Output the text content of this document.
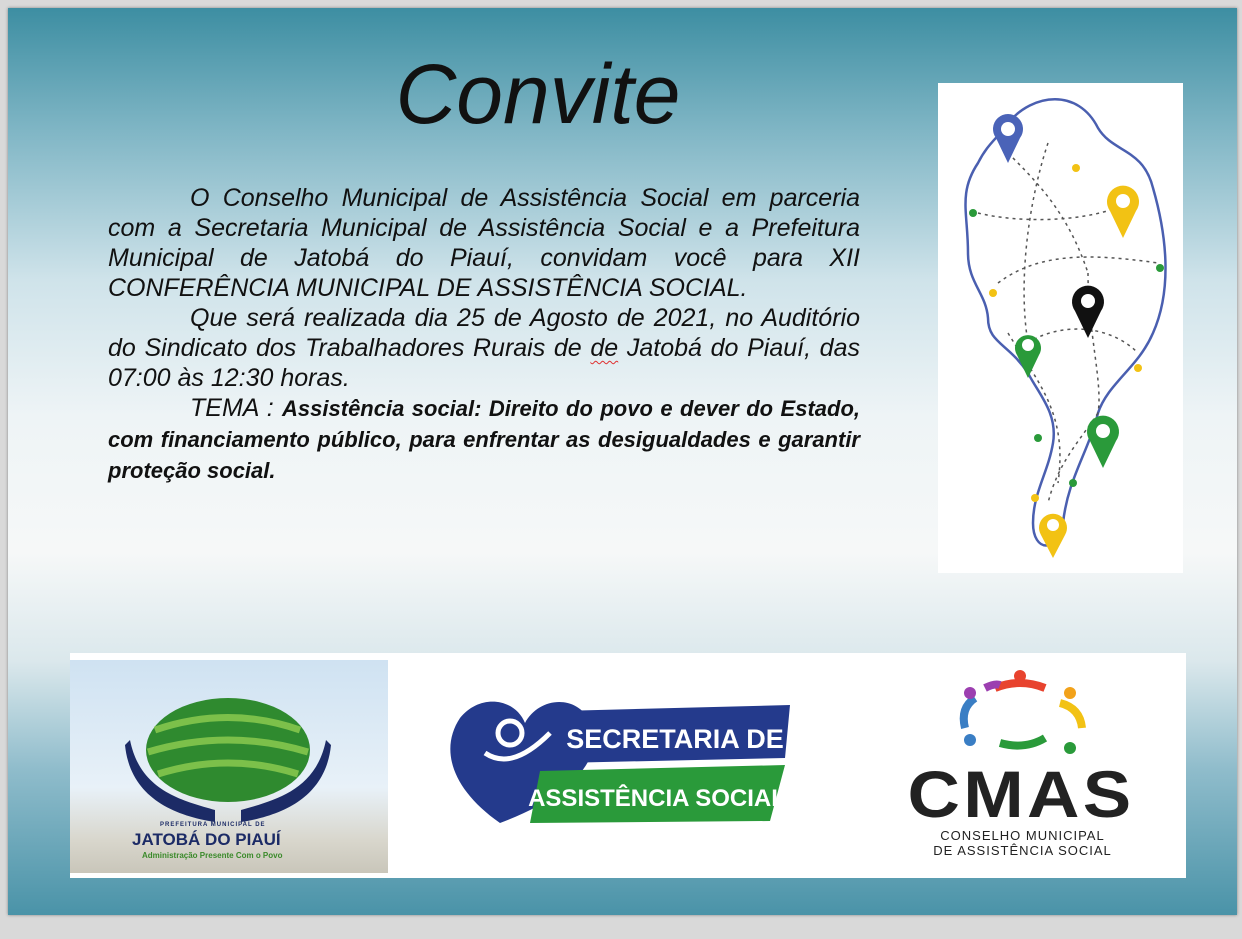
Convite

O Conselho Municipal de Assistência Social em parceria com a Secretaria Municipal de Assistência Social e a Prefeitura Municipal de Jatobá do Piauí, convidam você para XII CONFERÊNCIA MUNICIPAL DE ASSISTÊNCIA SOCIAL.

Que será realizada dia 25 de Agosto de 2021, no Auditório do Sindicato dos Trabalhadores Rurais de de Jatobá do Piauí, das 07:00 às 12:30 horas.

TEMA : Assistência social: Direito do povo e dever do Estado, com financiamento público, para enfrentar as desigualdades e garantir proteção social.

PREFEITURA MUNICIPAL DE
JATOBÁ DO PIAUÍ
Administração Presente Com o Povo
SECRETARIA DE
ASSISTÊNCIA SOCIAL	CMAS
CONSELHO MUNICIPAL
DE ASSISTÊNCIA SOCIAL
